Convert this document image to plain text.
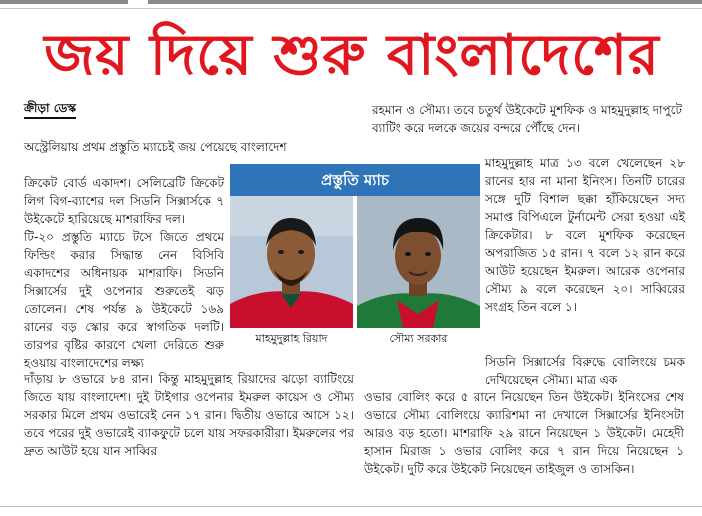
জয় দিয়ে শুরু বাংলাদেশের
ক্রীড়া ডেস্ক	রহমান ও সৌম্য। তবে চতুর্থ উইকেটে মুশফিক ও মাহমুদুল্লাহ দাপুটে ব্যাটিং করে দলকে জয়ের বন্দরে পৌঁছে দেন।
অস্ট্রেলিয়ায় প্রথম প্রস্তুতি ম্যাচেই জয় পেয়েছে বাংলাদেশ

ক্রিকেট বোর্ড একাদশ। সেলিব্রেটি ক্রিকেট লিগ বিগ-ব্যাশের দল সিডনি সিক্সার্সকে ৭ উইকেটে হারিয়েছে মাশরাফির দল।

টি-২০ প্রস্তুতি ম্যাচে টসে জিতে প্রথমে ফিল্ডিং করার সিদ্ধান্ত নেন বিসিবি একাদশের অধিনায়ক মাশরাফি। সিডনি সিক্সার্সের দুই ওপেনার শুরুতেই ঝড় তোলেন। শেষ পর্যন্ত ৯ উইকেটে ১৬৯ রানের বড় স্কোর করে স্বাগতিক দলটি। তারপর বৃষ্টির কারণে খেলা দেরিতে শুরু হওয়ায় বাংলাদেশের লক্ষ্য

দাঁড়ায় ৮ ওভারে ৮৪ রান। কিন্তু মাহমুদুল্লাহ রিয়াদের ঝড়ো ব্যাটিংয়ে জিতে যায় বাংলাদেশ। দুই টাইগার ওপেনার ইমরুল কায়েস ও সৌম্য সরকার মিলে প্রথম ওভারেই নেন ১৭ রান। দ্বিতীয় ওভারে আসে ১২। তবে পরের দুই ওভারেই ব্যাকফুটে চলে যায় সফরকারীরা। ইমরুলের পর দ্রুত আউট হয়ে যান সাব্বির
প্রস্তুতি ম্যাচ
মাহমুদুল্লাহ রিয়াদ	সৌম্য সরকার

মাহমুদুল্লাহ মাত্র ১৩ বলে খেলেছেন ২৮ রানের হার না মানা ইনিংস। তিনটি চারের সঙ্গে দুটি বিশাল ছক্কা হাঁকিয়েছেন সদ্য সমাপ্ত বিপিএলে টুর্নামেন্ট সেরা হওয়া এই ক্রিকেটার। ৮ বলে মুশফিক করেছেন অপরাজিত ১৫ রান। ৭ বলে ১২ রান করে আউট হয়েছেন ইমরুল। আরেক ওপেনার সৌম্য ৯ বলে করেছেন ২০। সাব্বিরের সংগ্রহ তিন বলে ১।

সিডনি সিক্সার্সের বিরুদ্ধে বোলিংয়ে চমক দেখিয়েছেন সৌম্য। মাত্র এক
ওভার বোলিং করে ৫ রানে নিয়েছেন তিন উইকেট। ইনিংসের শেষ ওভারে সৌম্য বোলিংয়ে ক্যারিশমা না দেখালে সিক্সার্সের ইনিংসটা আরও বড় হতো। মাশরাফি ২৯ রানে নিয়েছেন ১ উইকেট। মেহেদী হাসান মিরাজ ১ ওভার বোলিং করে ৭ রান দিয়ে নিয়েছেন ১ উইকেট। দুটি করে উইকেট নিয়েছেন তাইজুল ও তাসকিন।
